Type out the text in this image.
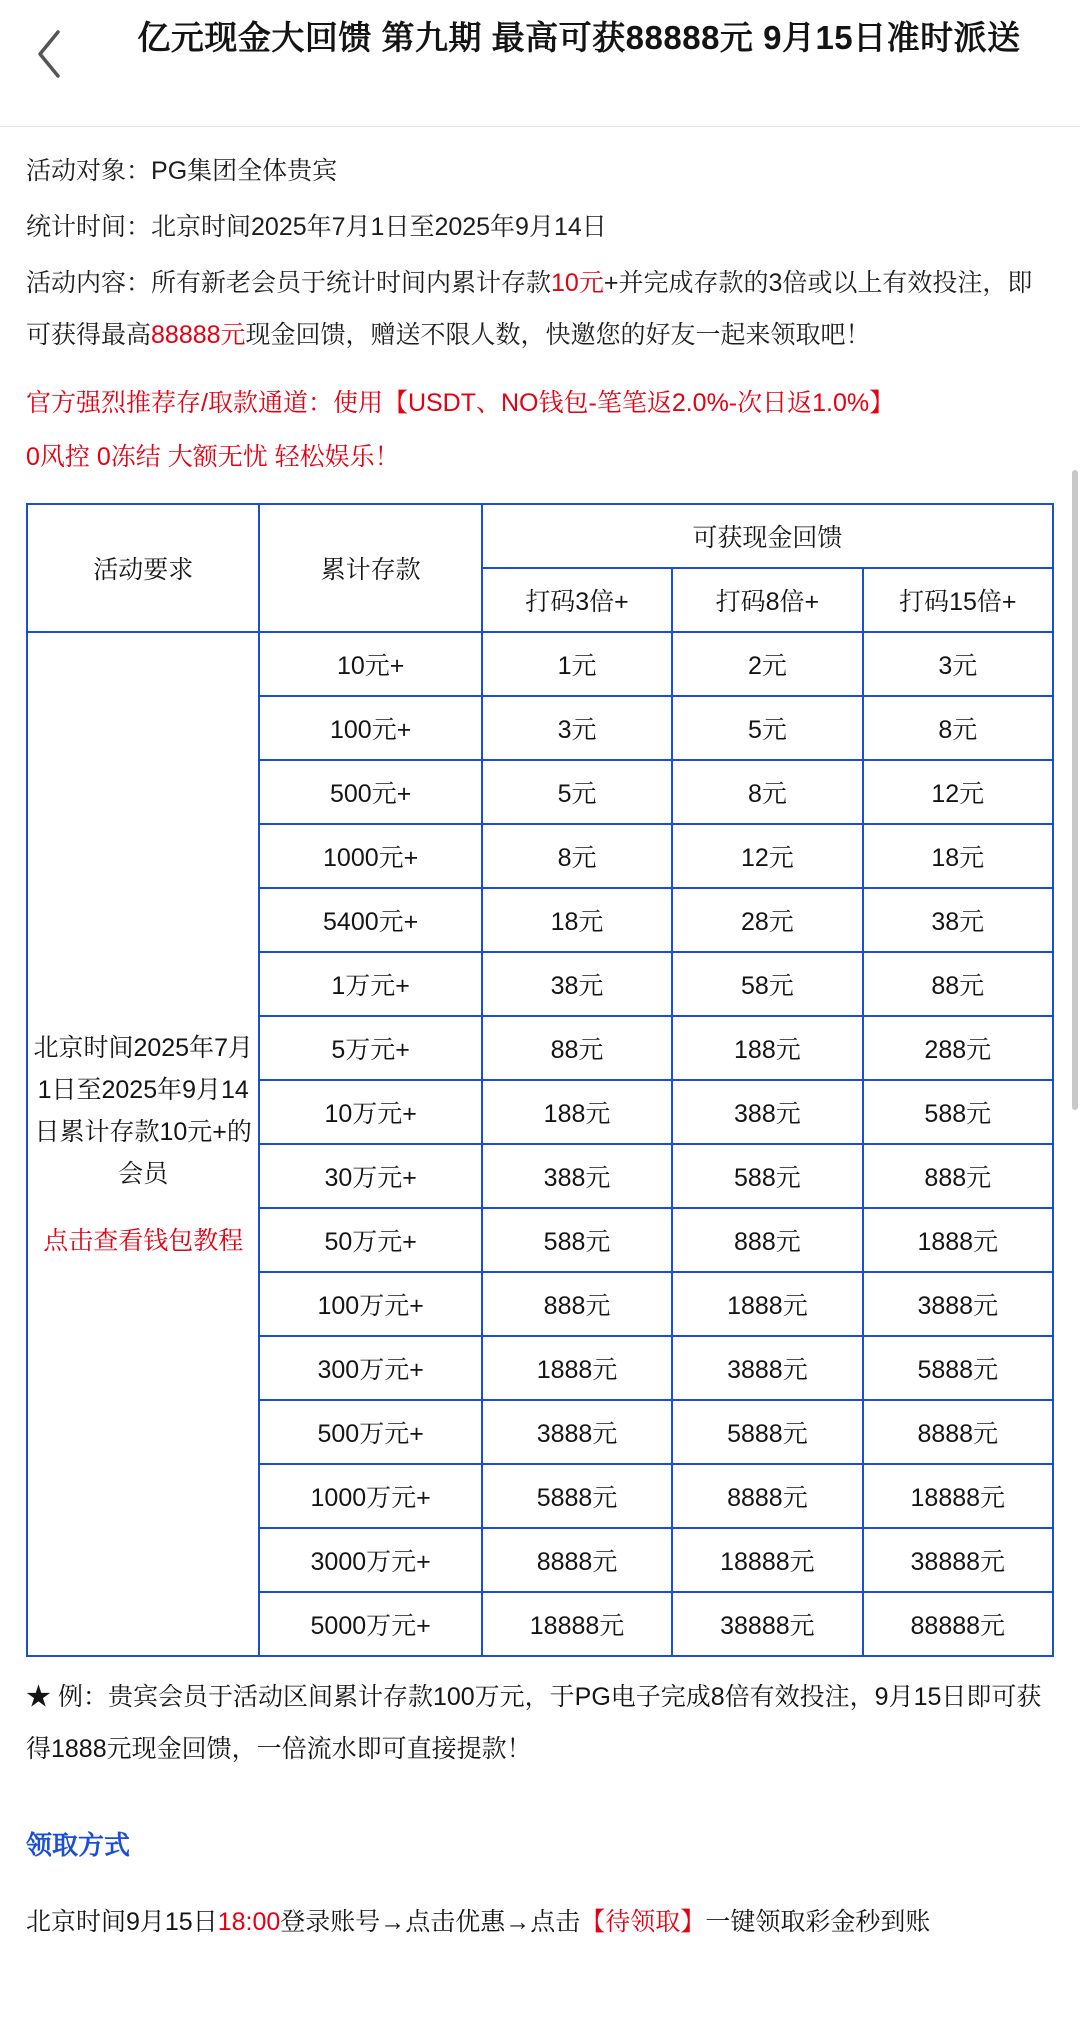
亿元现金大回馈 第九期 最高可获88888元 9月15日准时派送

活动对象：PG集团全体贵宾

统计时间：北京时间2025年7月1日至2025年9月14日

活动内容：所有新老会员于统计时间内累计存款10元+并完成存款的3倍或以上有效投注，即可获得最高88888元现金回馈，赠送不限人数，快邀您的好友一起来领取吧！

官方强烈推荐存/取款通道：使用【USDT、NO钱包-笔笔返2.0%-次日返1.0%】

0风控 0冻结 大额无忧 轻松娱乐！

活动要求	累计存款	可获现金回馈		
		打码3倍+	打码8倍+	打码15倍+
北京时间2025年7月1日至2025年9月14日累计存款10元+的会员
点击查看钱包教程	10元+	1元	2元	3元
	100元+	3元	5元	8元
	500元+	5元	8元	12元
	1000元+	8元	12元	18元
	5400元+	18元	28元	38元
	1万元+	38元	58元	88元
	5万元+	88元	188元	288元
	10万元+	188元	388元	588元
	30万元+	388元	588元	888元
	50万元+	588元	888元	1888元
	100万元+	888元	1888元	3888元
	300万元+	1888元	3888元	5888元
	500万元+	3888元	5888元	8888元
	1000万元+	5888元	8888元	18888元
	3000万元+	8888元	18888元	38888元
	5000万元+	18888元	38888元	88888元

★ 例：贵宾会员于活动区间累计存款100万元，于PG电子完成8倍有效投注，9月15日即可获得1888元现金回馈，一倍流水即可直接提款！

领取方式

北京时间9月15日18:00登录账号→点击优惠→点击【待领取】一键领取彩金秒到账
